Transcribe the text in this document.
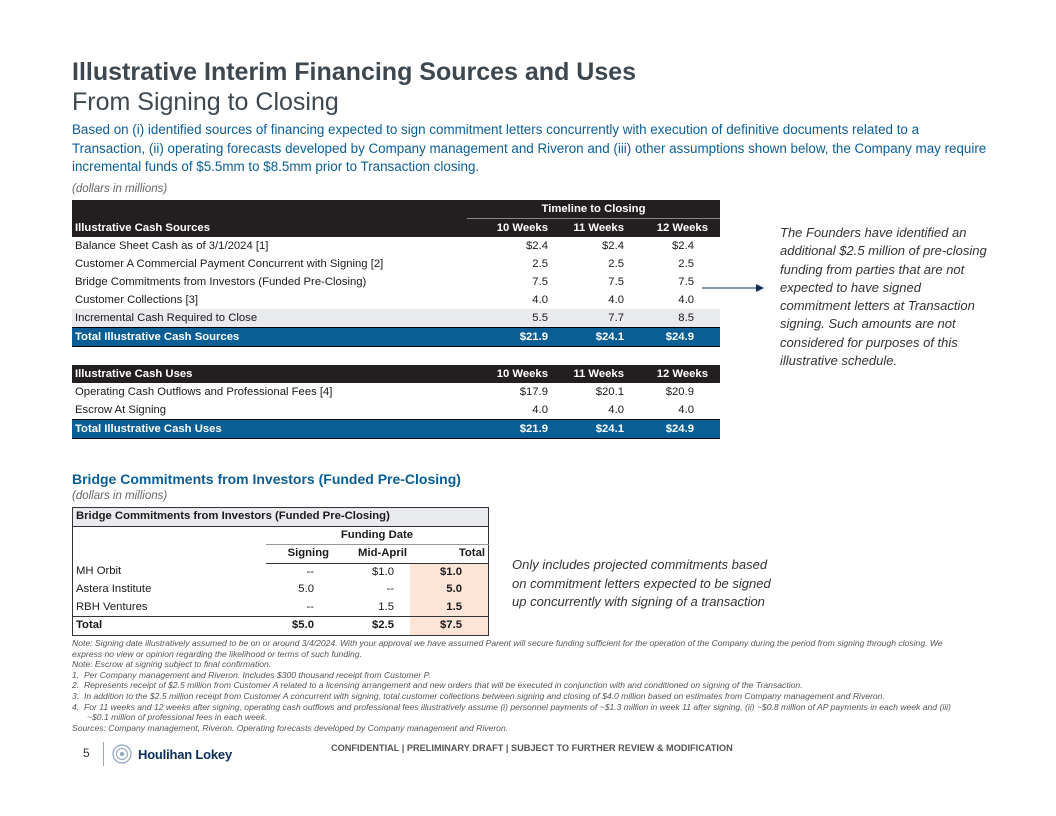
Illustrative Interim Financing Sources and Uses
From Signing to Closing
Based on (i) identified sources of financing expected to sign commitment letters concurrently with execution of definitive documents related to a Transaction, (ii) operating forecasts developed by Company management and Riveron and (iii) other assumptions shown below, the Company may require incremental funds of $5.5mm to $8.5mm prior to Transaction closing.
(dollars in millions)
	Timeline to Closing		
Illustrative Cash Sources	10 Weeks	11 Weeks	12 Weeks
Balance Sheet Cash as of 3/1/2024 [1]	$2.4	$2.4	$2.4
Customer A Commercial Payment Concurrent with Signing [2]	2.5	2.5	2.5
Bridge Commitments from Investors (Funded Pre-Closing)	7.5	7.5	7.5
Customer Collections [3]	4.0	4.0	4.0
Incremental Cash Required to Close	5.5	7.7	8.5
Total Illustrative Cash Sources	$21.9	$24.1	$24.9
Illustrative Cash Uses	10 Weeks	11 Weeks	12 Weeks
Operating Cash Outflows and Professional Fees [4]	$17.9	$20.1	$20.9
Escrow At Signing	4.0	4.0	4.0
Total Illustrative Cash Uses	$21.9	$24.1	$24.9
The Founders have identified an additional $2.5 million of pre-closing funding from parties that are not expected to have signed commitment letters at Transaction signing. Such amounts are not considered for purposes of this illustrative schedule.
Bridge Commitments from Investors (Funded Pre-Closing)
(dollars in millions)
Bridge Commitments from Investors (Funded Pre-Closing)			
	Funding Date		
	Signing	Mid-April	Total
MH Orbit	--	$1.0	$1.0
Astera Institute	5.0	--	5.0
RBH Ventures	--	1.5	1.5
Total	$5.0	$2.5	$7.5
Only includes projected commitments based on commitment letters expected to be signed up concurrently with signing of a transaction
Note: Signing date illustratively assumed to be on or around 3/4/2024. With your approval we have assumed Parent will secure funding sufficient for the operation of the Company during the period from signing through closing. We express no view or opinion regarding the likelihood or terms of such funding.
Note: Escrow at signing subject to final confirmation.
1.  Per Company management and Riveron. Includes $300 thousand receipt from Customer P.
2.  Represents receipt of $2.5 million from Customer A related to a licensing arrangement and new orders that will be executed in conjunction with and conditioned on signing of the Transaction.
3.  In addition to the $2.5 million receipt from Customer A concurrent with signing, total customer collections between signing and closing of $4.0 million based on estimates from Company management and Riveron.
4.  For 11 weeks and 12 weeks after signing, operating cash outflows and professional fees illustratively assume (i) personnel payments of ~$1.3 million in week 11 after signing, (ii) ~$0.8 million of AP payments in each week and (iii) ~$0.1 million of professional fees in each week.
Sources: Company management, Riveron. Operating forecasts developed by Company management and Riveron.
5	Houlihan Lokey	CONFIDENTIAL | PRELIMINARY DRAFT | SUBJECT TO FURTHER REVIEW & MODIFICATION
